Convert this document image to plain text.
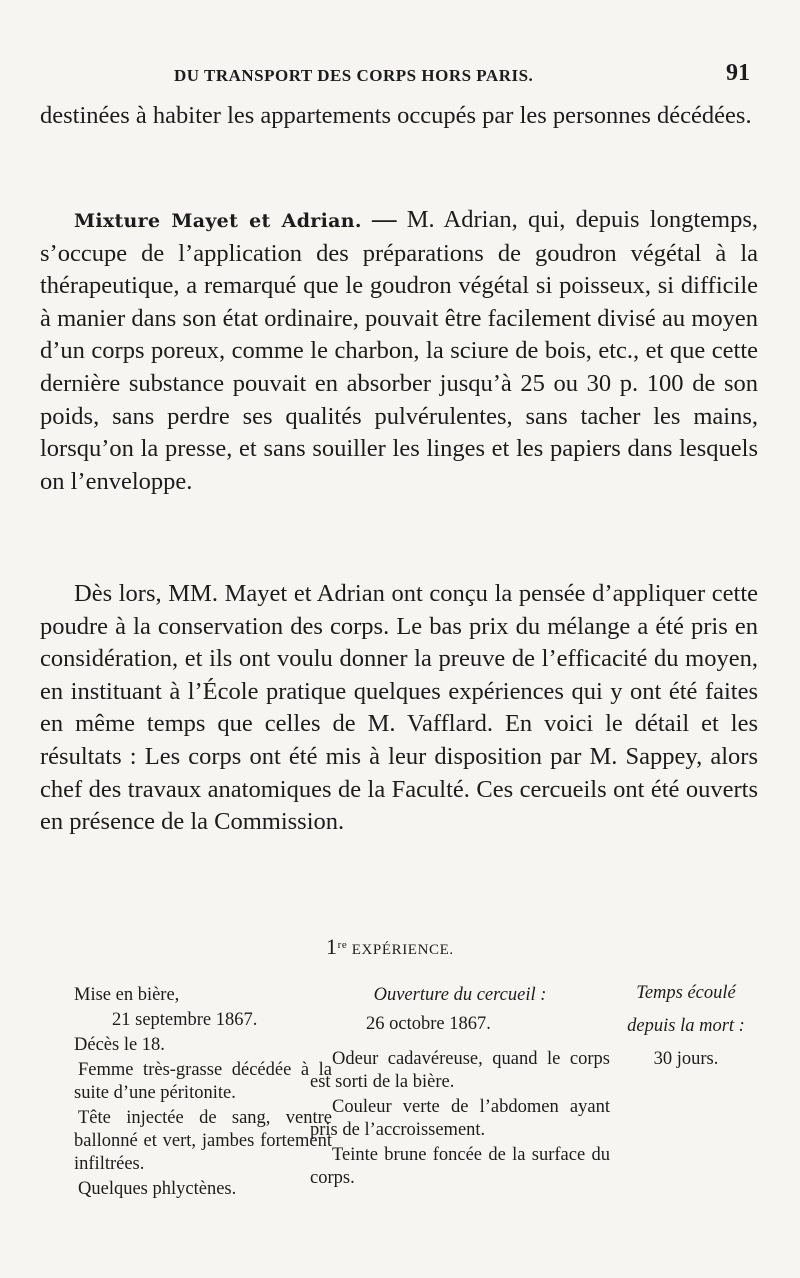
DU TRANSPORT DES CORPS HORS PARIS.	91

destinées à habiter les appartements occupés par les personnes décédées.

Mixture Mayet et Adrian. — M. Adrian, qui, depuis longtemps, s’occupe de l’application des préparations de goudron végétal à la thérapeutique, a remarqué que le goudron végétal si poisseux, si difficile à manier dans son état ordinaire, pouvait être facilement divisé au moyen d’un corps poreux, comme le charbon, la sciure de bois, etc., et que cette dernière substance pouvait en absorber jusqu’à 25 ou 30 p. 100 de son poids, sans perdre ses qualités pulvérulentes, sans tacher les mains, lorsqu’on la presse, et sans souiller les linges et les papiers dans lesquels on l’enveloppe.

Dès lors, MM. Mayet et Adrian ont conçu la pensée d’appliquer cette poudre à la conservation des corps. Le bas prix du mélange a été pris en considération, et ils ont voulu donner la preuve de l’efficacité du moyen, en instituant à l’École pratique quelques expériences qui y ont été faites en même temps que celles de M. Vafflard. En voici le détail et les résultats : Les corps ont été mis à leur disposition par M. Sappey, alors chef des travaux anatomiques de la Faculté. Ces cercueils ont été ouverts en présence de la Commission.

1re EXPÉRIENCE.

Mise en bière,

21 septembre 1867.

Décès le 18.

Femme très-grasse décédée à la suite d’une péritonite.

Tête injectée de sang, ventre ballonné et vert, jambes fortement infiltrées.

Quelques phlyctènes.

Ouverture du cercueil :

26 octobre 1867.

Odeur cadavéreuse, quand le corps est sorti de la bière.

Couleur verte de l’abdomen ayant pris de l’accroissement.

Teinte brune foncée de la surface du corps.

Temps écoulé

depuis la mort :

30 jours.
